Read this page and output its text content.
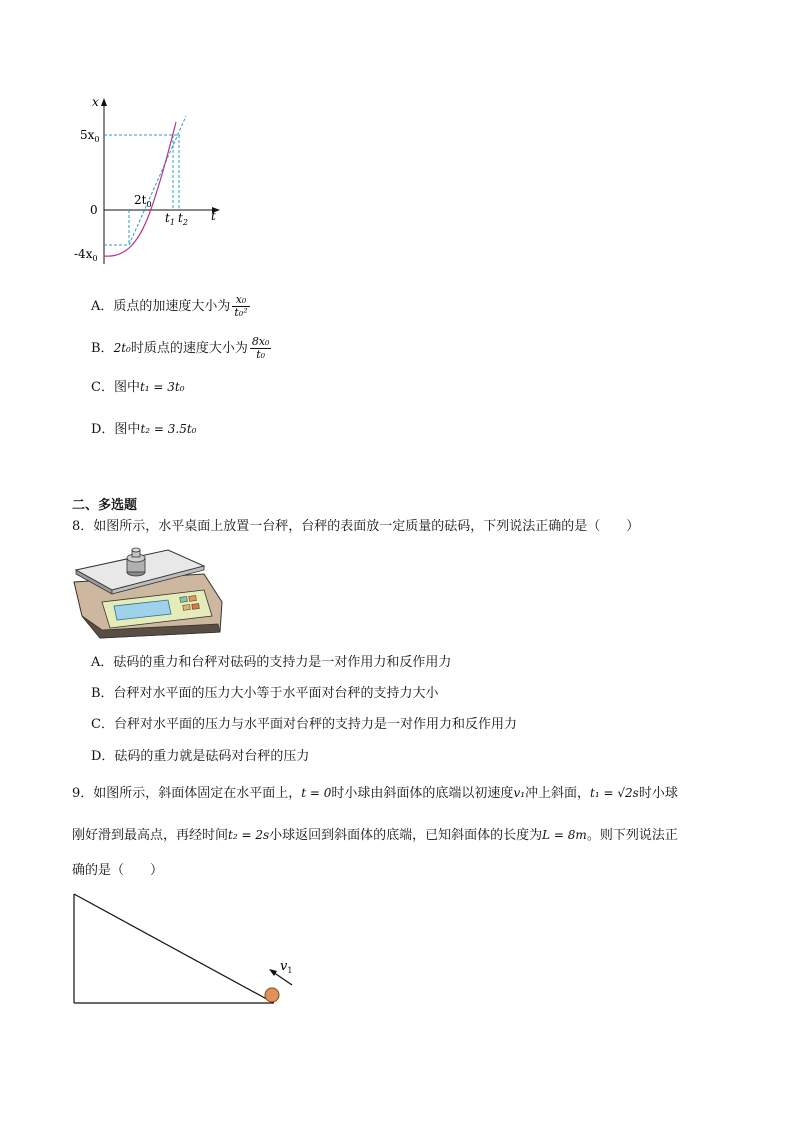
x
t
$5x_0$
0
$-4x_0$
$2t_0$
$t_1$ $t_2$
A．质点的加速度大小为 $\frac{\text{x₀}}{\text{t₀²}}$
B．2t₀时质点的速度大小为 $\frac{\text{8x₀}}{\text{t₀}}$
C．图中t₁ = 3t₀
D．图中t₂ = 3.5t₀
二、多选题
8．如图所示，水平桌面上放置一台秤，台秤的表面放一定质量的砝码，下列说法正确的是（　　）
A．砝码的重力和台秤对砝码的支持力是一对作用力和反作用力
B．台秤对水平面的压力大小等于水平面对台秤的支持力大小
C．台秤对水平面的压力与水平面对台秤的支持力是一对作用力和反作用力
D．砝码的重力就是砝码对台秤的压力
9．如图所示，斜面体固定在水平面上，t = 0时小球由斜面体的底端以初速度v₁冲上斜面，t₁ = √2s时小球
刚好滑到最高点，再经时间t₂ = 2s小球返回到斜面体的底端，已知斜面体的长度为L = 8m。则下列说法正
确的是（　　）
$v_1$
